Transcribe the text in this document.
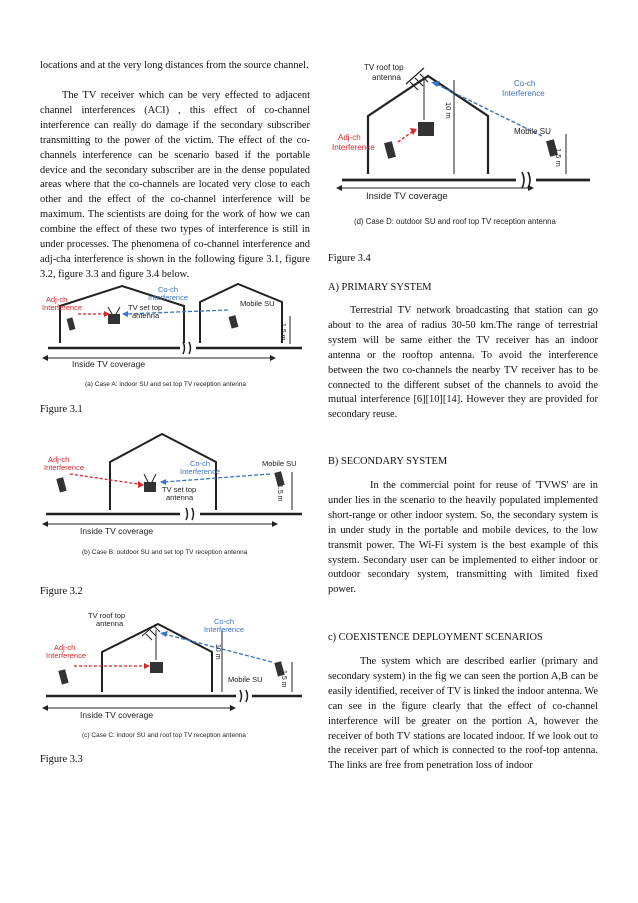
locations and at the very long distances from the source channel.

The TV receiver which can be very effected to adjacent channel interferences (ACI) , this effect of co-channel interference can really do damage if the secondary subscriber transmitting to the power of the victim. The effect of the co-channels interference can be scenario based if the portable device and the secondary subscriber are in the dense populated areas where that the co-channels are located very close to each other and the effect of the co-channel interference will be maximum. The scientists are doing for the work of how we can combine the effect of these two types of interference is still in under processes. The phenomena of co-channel interference and adj-cha interference is shown in the following figure 3.1, figure 3.2, figure 3.3 and figure 3.4 below.

Adj-ch
Interference
Co-ch
Interference
TV set top
antenna
Mobile SU
1.5 m
Inside TV coverage
(a) Case A: indoor SU and set top TV reception antenna
Figure 3.1
Adj-ch
Interference	Co-ch
Interference
TV set top
antenna
Mobile SU
1.5 m
Inside TV coverage
(b) Case B: outdoor SU and set top TV reception antenna
Figure 3.2
TV roof top
antenna
Adj-ch
Interference
Co-ch
Interference
Mobile SU
10 m
1.5 m
Inside TV coverage
(c) Case C: indoor SU and roof top TV reception antenna
Figure 3.3
TV roof top
antenna
Adj-ch
Interference
Co-ch
Interference
Mobile SU
10 m
1.5 m
Inside TV coverage
(d) Case D: outdoor SU and roof top TV reception antenna
Figure 3.4
A) PRIMARY SYSTEM

Terrestrial TV network broadcasting that station can go about to the area of radius 30-50 km.The range of terrestrial system will be same either the TV receiver has an indoor antenna or the rooftop antenna. To avoid the interference between the two co-channels the nearby TV receiver has to be connected to the different subset of the channels to avoid the mutual interference [6][10][14]. However they are provided for secondary reuse.

B) SECONDARY SYSTEM

In the commercial point for reuse of 'TVWS' are in under lies in the scenario to the heavily populated implemented short-range or other indoor system. So, the secondary system is in under study in the portable and mobile devices, to the low transmit power. The Wi-Fi system is the best example of this system. Secondary user can be implemented to either indoor or outdoor secondary system, transmitting with limited fixed power.

c) COEXISTENCE DEPLOYMENT SCENARIOS

The system which are described earlier (primary and secondary system) in the fig we can seen the portion A,B can be easily identified, receiver of TV is linked the indoor antenna. We can see in the figure clearly that the effect of co-channel interference will be greater on the portion A, however the receiver of both TV stations are located indoor. If we look out to the receiver part of which is connected to the roof-top antenna. The links are free from penetration loss of indoor
